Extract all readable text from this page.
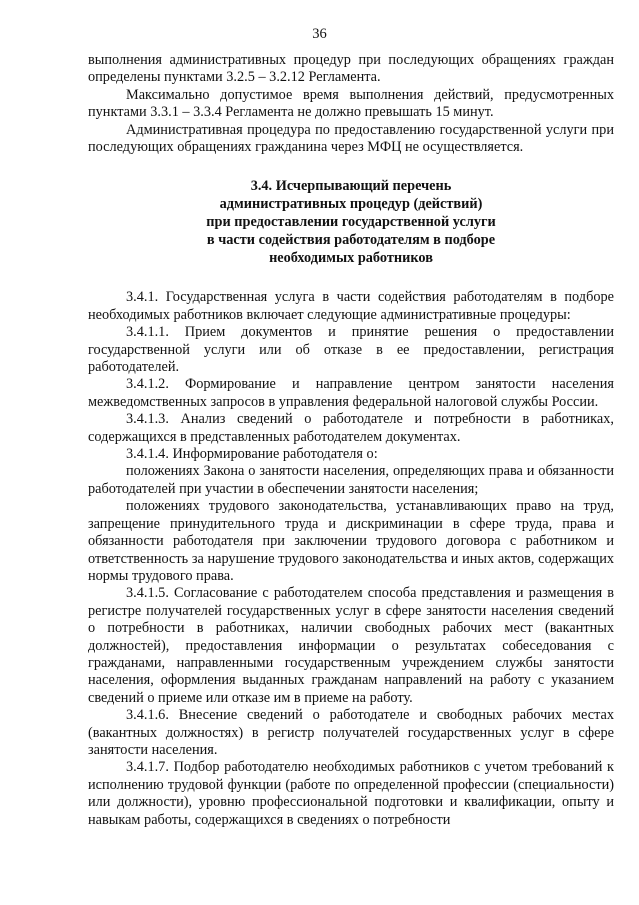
36

выполнения административных процедур при последующих обращениях граждан определены пунктами 3.2.5 – 3.2.12 Регламента.

Максимально допустимое время выполнения действий, предусмотренных пунктами 3.3.1 – 3.3.4 Регламента не должно превышать 15 минут.

Административная процедура по предоставлению государственной услуги при последующих обращениях гражданина через МФЦ не осуществляется.

3.4. Исчерпывающий перечень
административных процедур (действий)
при предоставлении государственной услуги
в части содействия работодателям в подборе
необходимых работников

3.4.1. Государственная услуга в части содействия работодателям в подборе необходимых работников включает следующие административные процедуры:

3.4.1.1. Прием документов и принятие решения о предоставлении государственной услуги или об отказе в ее предоставлении, регистрация работодателей.

3.4.1.2. Формирование и направление центром занятости населения межведомственных запросов в управления федеральной налоговой службы России.

3.4.1.3. Анализ сведений о работодателе и потребности в работниках, содержащихся в представленных работодателем документах.

3.4.1.4. Информирование работодателя о:

положениях Закона о занятости населения, определяющих права и обязанности работодателей при участии в обеспечении занятости населения;

положениях трудового законодательства, устанавливающих право на труд, запрещение принудительного труда и дискриминации в сфере труда, права и обязанности работодателя при заключении трудового договора с работником и ответственность за нарушение трудового законодательства и иных актов, содержащих нормы трудового права.

3.4.1.5. Согласование с работодателем способа представления и размещения в регистре получателей государственных услуг в сфере занятости населения сведений о потребности в работниках, наличии свободных рабочих мест (вакантных должностей), предоставления информации о результатах собеседования с гражданами, направленными государственным учреждением службы занятости населения, оформления выданных гражданам направлений на работу с указанием сведений о приеме или отказе им в приеме на работу.

3.4.1.6. Внесение сведений о работодателе и свободных рабочих местах (вакантных должностях) в регистр получателей государственных услуг в сфере занятости населения.

3.4.1.7. Подбор работодателю необходимых работников с учетом требований к исполнению трудовой функции (работе по определенной профессии (специальности) или должности), уровню профессиональной подготовки и квалификации, опыту и навыкам работы, содержащихся в сведениях о потребности
